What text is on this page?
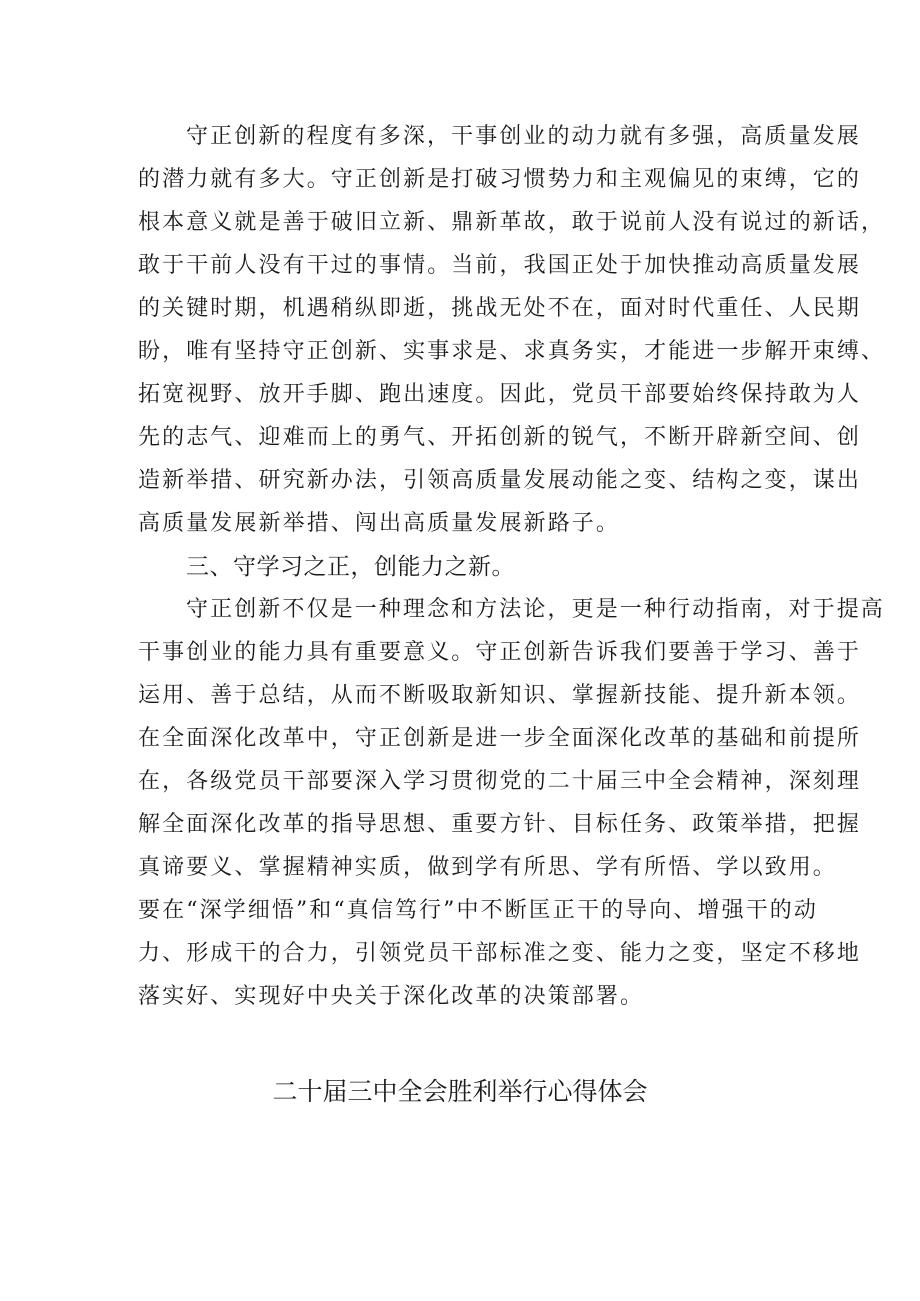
守正创新的程度有多深，干事创业的动力就有多强，高质量发展
的潜力就有多大。守正创新是打破习惯势力和主观偏见的束缚，它的
根本意义就是善于破旧立新、鼎新革故，敢于说前人没有说过的新话，
敢于干前人没有干过的事情。当前，我国正处于加快推动高质量发展
的关键时期，机遇稍纵即逝，挑战无处不在，面对时代重任、人民期
盼，唯有坚持守正创新、实事求是、求真务实，才能进一步解开束缚、
拓宽视野、放开手脚、跑出速度。因此，党员干部要始终保持敢为人
先的志气、迎难而上的勇气、开拓创新的锐气，不断开辟新空间、创
造新举措、研究新办法，引领高质量发展动能之变、结构之变，谋出
高质量发展新举措、闯出高质量发展新路子。
三、守学习之正，创能力之新。
守正创新不仅是一种理念和方法论，更是一种行动指南，对于提高
干事创业的能力具有重要意义。守正创新告诉我们要善于学习、善于
运用、善于总结，从而不断吸取新知识、掌握新技能、提升新本领。
在全面深化改革中，守正创新是进一步全面深化改革的基础和前提所
在，各级党员干部要深入学习贯彻党的二十届三中全会精神，深刻理
解全面深化改革的指导思想、重要方针、目标任务、政策举措，把握
真谛要义、掌握精神实质，做到学有所思、学有所悟、学以致用。
要在“深学细悟”和“真信笃行”中不断匡正干的导向、增强干的动
力、形成干的合力，引领党员干部标准之变、能力之变，坚定不移地
落实好、实现好中央关于深化改革的决策部署。
二十届三中全会胜利举行心得体会
